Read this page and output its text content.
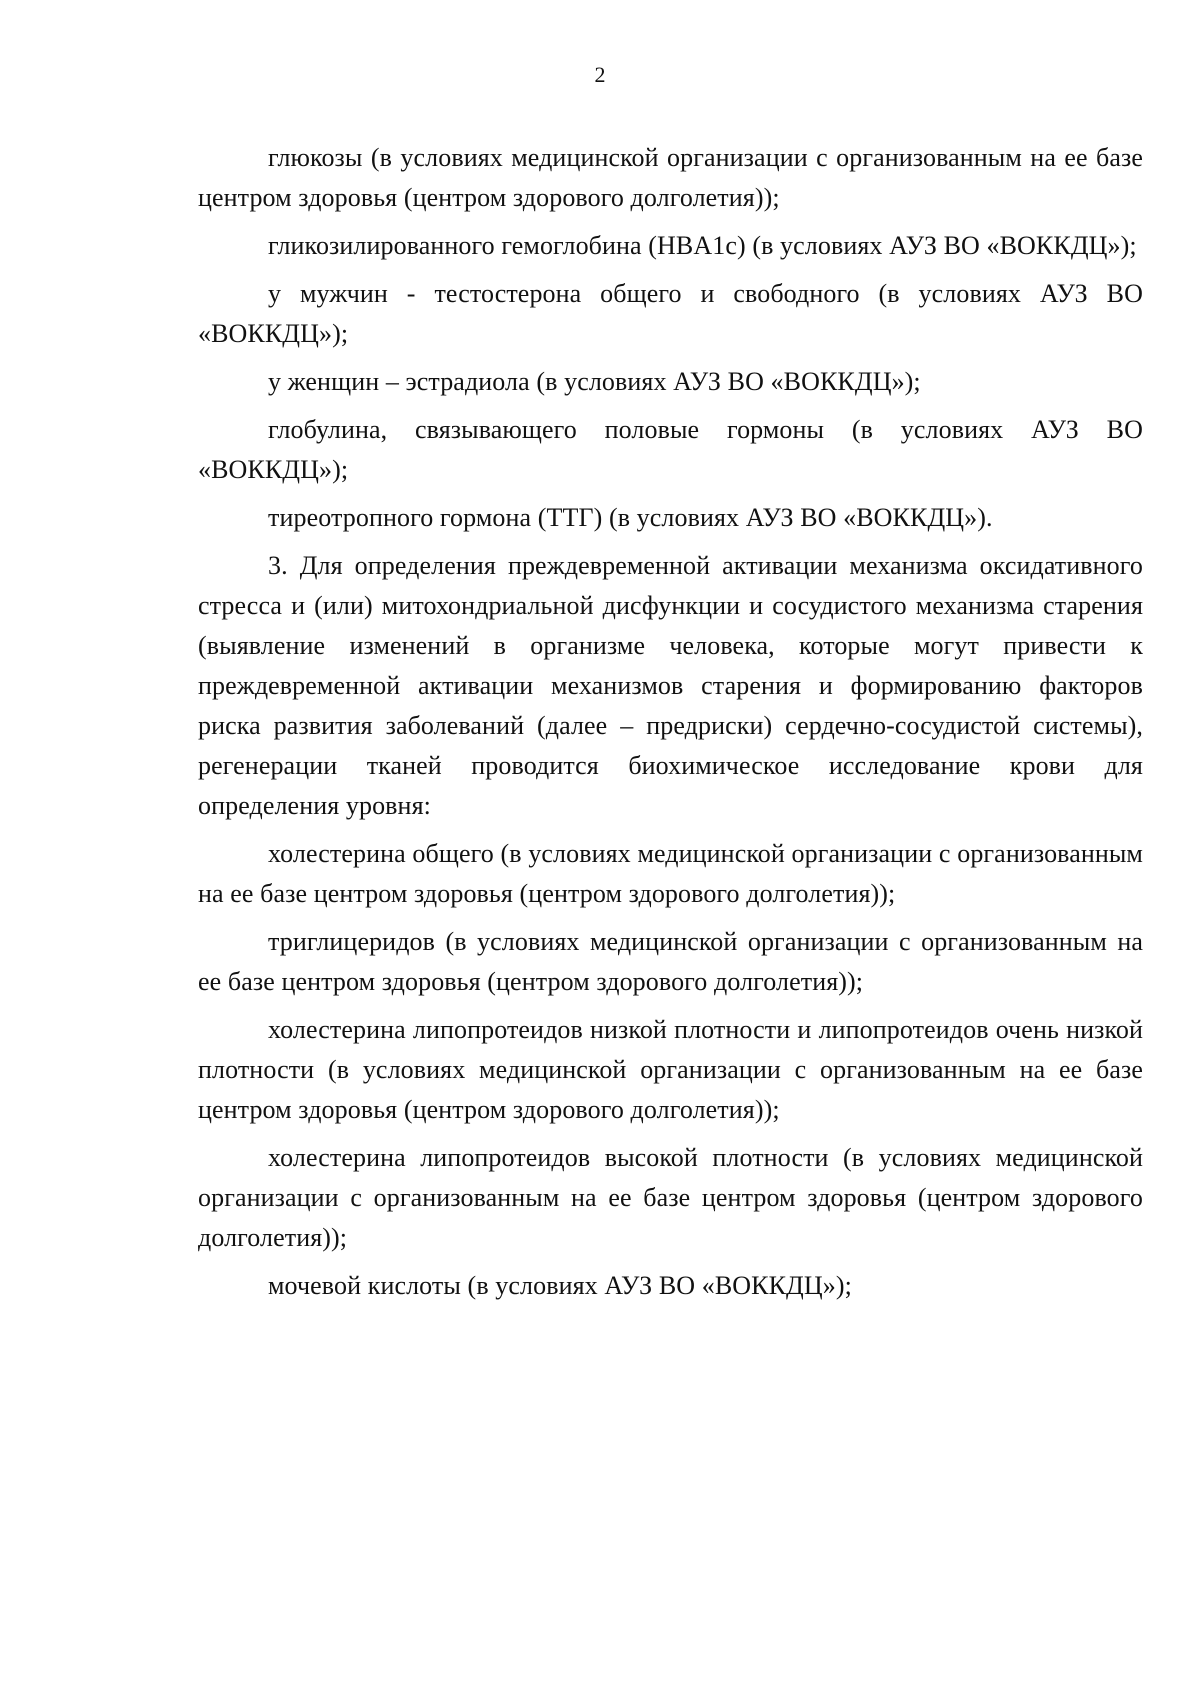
2

глюкозы (в условиях медицинской организации с организованным на ее базе центром здоровья (центром здорового долголетия));

гликозилированного гемоглобина (HBA1c) (в условиях АУЗ ВО «ВОККДЦ»);

у мужчин - тестостерона общего и свободного (в условиях АУЗ ВО «ВОККДЦ»);

у женщин – эстрадиола (в условиях АУЗ ВО «ВОККДЦ»);

глобулина, связывающего половые гормоны (в условиях АУЗ ВО «ВОККДЦ»);

тиреотропного гормона (ТТГ) (в условиях АУЗ ВО «ВОККДЦ»).

3. Для определения преждевременной активации механизма оксидативного стресса и (или) митохондриальной дисфункции и сосудистого механизма старения (выявление изменений в организме человека, которые могут привести к преждевременной активации механизмов старения и формированию факторов риска развития заболеваний (далее – предриски) сердечно-сосудистой системы), регенерации тканей проводится биохимическое исследование крови для определения уровня:

холестерина общего (в условиях медицинской организации с организованным на ее базе центром здоровья (центром здорового долголетия));

триглицеридов (в условиях медицинской организации с организованным на ее базе центром здоровья (центром здорового долголетия));

холестерина липопротеидов низкой плотности и липопротеидов очень низкой плотности (в условиях медицинской организации с организованным на ее базе центром здоровья (центром здорового долголетия));

холестерина липопротеидов высокой плотности (в условиях медицинской организации с организованным на ее базе центром здоровья (центром здорового долголетия));

мочевой кислоты (в условиях АУЗ ВО «ВОККДЦ»);
